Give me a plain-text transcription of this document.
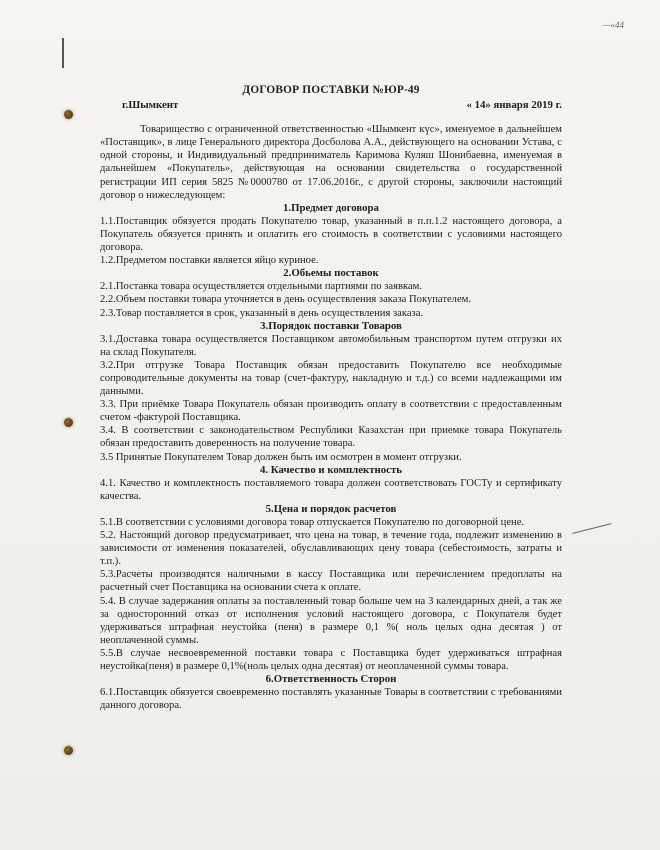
—«44

ДОГОВОР ПОСТАВКИ №ЮР-49

г.Шымкент	« 14» января 2019 г.

Товарищество с ограниченной ответственностью «Шымкент күс», именуемое в дальнейшем «Поставщик», в лице Генерального директора Досболова А.А., действующего на основании Устава, с одной стороны, и Индивидуальный предприниматель Каримова Куляш Шонибаевна, именуемая в дальнейшем «Покупатель», действующая на основании свидетельства о государственной регистрации ИП серия 5825 №0000780 от 17.06.2016г., с другой стороны, заключили настоящий договор о нижеследующем:

1.Предмет договора

1.1.Поставщик обязуется продать Покупателю товар, указанный в п.п.1.2 настоящего договора, а Покупатель обязуется принять и оплатить его стоимость в соответствии с условиями настоящего договора.

1.2.Предметом поставки является яйцо куриное.

2.Обьемы поставок

2.1.Поставка товара осуществляется отдельными партиями по заявкам.

2.2.Объем поставки товара уточняется в день осуществления заказа Покупателем.

2.3.Товар поставляется в срок, указанный в день осуществления заказа.

3.Порядок поставки Товаров

3.1.Доставка товара осуществляется Поставщиком автомобильным транспортом путем отгрузки их на склад Покупателя.

3.2.При отгрузке Товара Поставщик обязан предоставить Покупателю все необходимые сопроводительные документы на товар (счет-фактуру, накладную и т.д.) со всеми надлежащими им данными.

3.3. При приёмке Товара Покупатель обязан производить оплату в соответствии с предоставленным счетом -фактурой Поставщика.

3.4. В соответствии с законодательством Республики Казахстан при приемке товара Покупатель обязан предоставить доверенность на получение товара.

3.5 Принятые Покупателем Товар должен быть им осмотрен в момент отгрузки.

4. Качество и комплектность

4.1. Качество и комплектность поставляемого товара должен соответствовать ГОСТу и сертификату качества.

5.Цена и порядок расчетов

5.1.В соответствии с условиями договора товар отпускается Покупателю по договорной цене.

5.2. Настоящий договор предусматривает, что цена на товар, в течение года, подлежит изменению в зависимости от изменения показателей, обуславливающих цену товара (себестоимость, затраты и т.п.).

5.3.Расчеты производятся наличными в кассу Поставщика или перечислением предоплаты на расчетный счет Поставщика на основании счета к оплате.

5.4. В случае задержания оплаты за поставленный товар больше чем на 3 календарных дней, а так же за односторонний отказ от исполнения условий настоящего договора, с Покупателя будет удерживаться штрафная неустойка (пеня) в размере 0,1 %( ноль целых одна десятая ) от неоплаченной суммы.

5.5.В случае несвоевременной поставки товара с Поставщика будет удерживаться штрафная неустойка(пеня) в размере 0,1%(ноль целых одна десятая) от неоплаченной суммы товара.

6.Ответственность Сторон

6.1.Поставщик обязуется своевременно поставлять указанные Товары в соответствии с требованиями данного договора.
